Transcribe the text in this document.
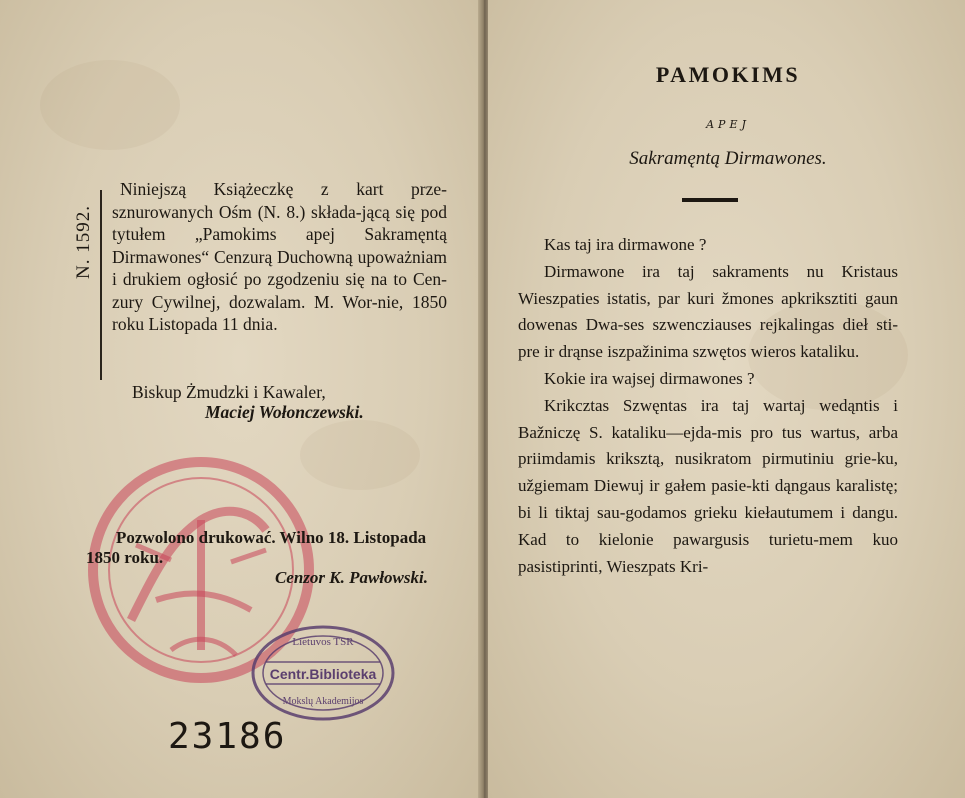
N. 1592.

Niniejszą Książeczkę z kart prze-sznurowanych Ośm (N. 8.) składa-jącą się pod tytułem „Pamokims apej Sakramęntą Dirmawones“ Cenzurą Duchowną upoważniam i drukiem ogłosić po zgodzeniu się na to Cen-zury Cywilnej, dozwalam. M. Wor-nie, 1850 roku Listopada 11 dnia.

Biskup Żmudzki i Kawaler,
Maciej Wołonczewski.
Pozwolono drukować. Wilno 18. Listopada 1850 roku.
Cenzor K. Pawłowski.
Lietuvos TSR
Centr.Biblioteka
Mokslų Akademijos
23186
PAMOKIMS
APEJ
Sakramęntą Dirmawones.

Kas taj ira dirmawone ?

Dirmawone ira taj sakraments nu Kristaus Wieszpaties istatis, par kuri žmones apkriksztiti gaun dowenas Dwa-ses szwencziauses rejkalingas dieł sti-pre ir drąnse iszpažinima szwętos wieros kataliku.

Kokie ira wajsej dirmawones ?

Krikсztas Szwęntas ira taj wartaj wedąntis i Bažniczę S. kataliku—ejda-mis pro tus wartus, arba priimdamis kriksztą, nusikratom pirmutiniu grie-ku, užgiemam Diewuj ir gałem pasie-kti dąngaus karalistę; bi li tiktaj sau-godamos grieku kiełautumem i dangu. Kad to kielonie pawargusis turietu-mem kuo pasistiprinti, Wieszpats Kri-
